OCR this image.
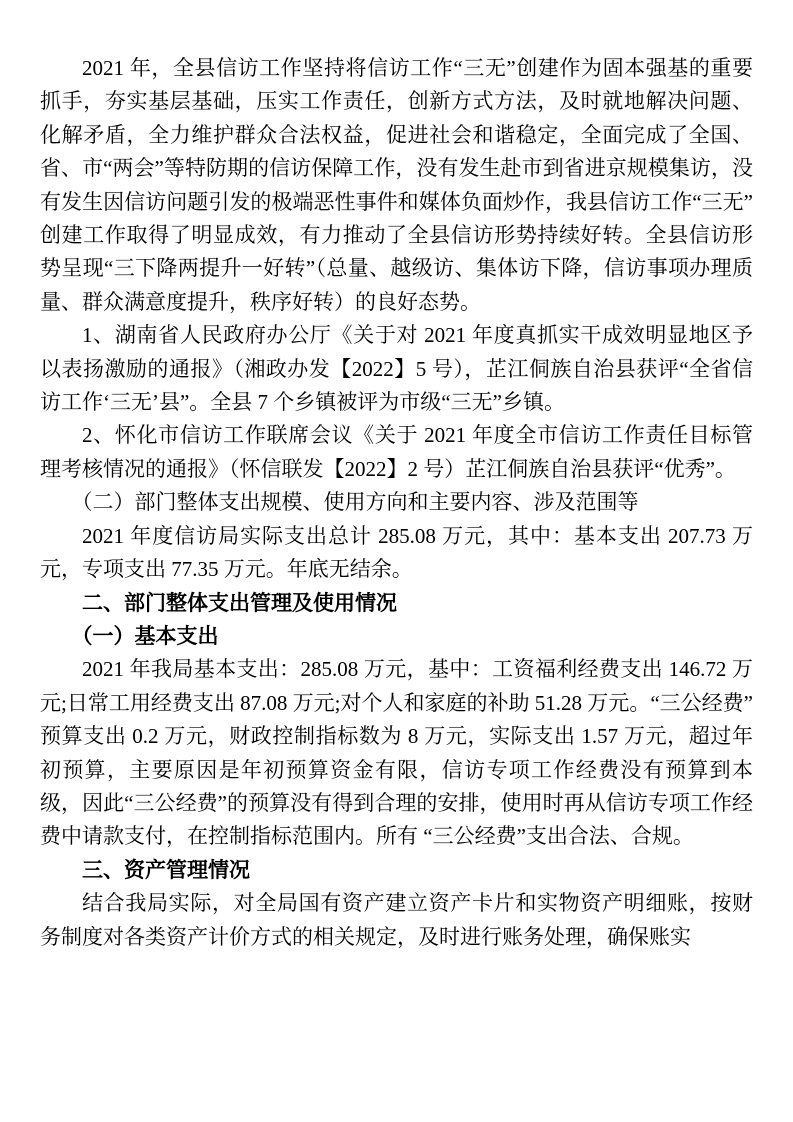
2021 年，全县信访工作坚持将信访工作“三无”创建作为固本强基的重要抓手，夯实基层基础，压实工作责任，创新方式方法，及时就地解决问题、化解矛盾，全力维护群众合法权益，促进社会和谐稳定，全面完成了全国、省、市“两会”等特防期的信访保障工作，没有发生赴市到省进京规模集访，没有发生因信访问题引发的极端恶性事件和媒体负面炒作，我县信访工作“三无”创建工作取得了明显成效，有力推动了全县信访形势持续好转。全县信访形势呈现“三下降两提升一好转”（总量、越级访、集体访下降，信访事项办理质量、群众满意度提升，秩序好转）的良好态势。

1、湖南省人民政府办公厅《关于对 2021 年度真抓实干成效明显地区予以表扬激励的通报》（湘政办发【2022】5 号），芷江侗族自治县获评“全省信访工作‘三无’县”。全县 7 个乡镇被评为市级“三无”乡镇。

2、怀化市信访工作联席会议《关于 2021 年度全市信访工作责任目标管理考核情况的通报》（怀信联发【2022】2 号）芷江侗族自治县获评“优秀”。

（二）部门整体支出规模、使用方向和主要内容、涉及范围等

2021 年度信访局实际支出总计 285.08 万元，其中：基本支出 207.73 万元，专项支出 77.35 万元。年底无结余。

二、部门整体支出管理及使用情况

（一）基本支出

2021 年我局基本支出：285.08 万元，基中：工资福利经费支出 146.72 万元;日常工用经费支出 87.08 万元;对个人和家庭的补助 51.28 万元。“三公经费”预算支出 0.2 万元，财政控制指标数为 8 万元，实际支出 1.57 万元，超过年初预算，主要原因是年初预算资金有限，信访专项工作经费没有预算到本级，因此“三公经费”的预算没有得到合理的安排，使用时再从信访专项工作经费中请款支付，在控制指标范围内。所有 “三公经费”支出合法、合规。

三、资产管理情况

结合我局实际，对全局国有资产建立资产卡片和实物资产明细账，按财务制度对各类资产计价方式的相关规定，及时进行账务处理，确保账实
